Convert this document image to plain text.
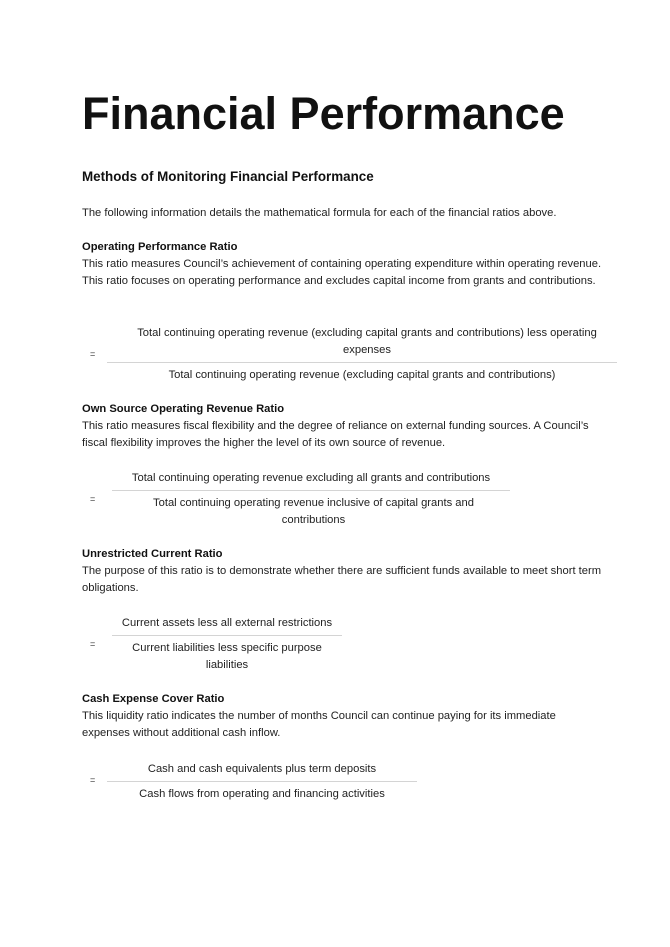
Financial Performance
Methods of Monitoring Financial Performance

The following information details the mathematical formula for each of the financial ratios above.

Operating Performance Ratio

This ratio measures Council’s achievement of containing operating expenditure within operating revenue. This ratio focuses on operating performance and excludes capital income from grants and contributions.

=
Total continuing operating revenue (excluding capital grants and contributions) less operating expenses
Total continuing operating revenue (excluding capital grants and contributions)

Own Source Operating Revenue Ratio

This ratio measures fiscal flexibility and the degree of reliance on external funding sources. A Council’s fiscal flexibility improves the higher the level of its own source of revenue.

=
Total continuing operating revenue excluding all grants and contributions
Total continuing operating revenue inclusive of capital grants and contributions

Unrestricted Current Ratio

The purpose of this ratio is to demonstrate whether there are sufficient funds available to meet short term obligations.

=
Current assets less all external restrictions
Current liabilities less specific purpose liabilities

Cash Expense Cover Ratio

This liquidity ratio indicates the number of months Council can continue paying for its immediate expenses without additional cash inflow.

=
Cash and cash equivalents plus term deposits
Cash flows from operating and financing activities
